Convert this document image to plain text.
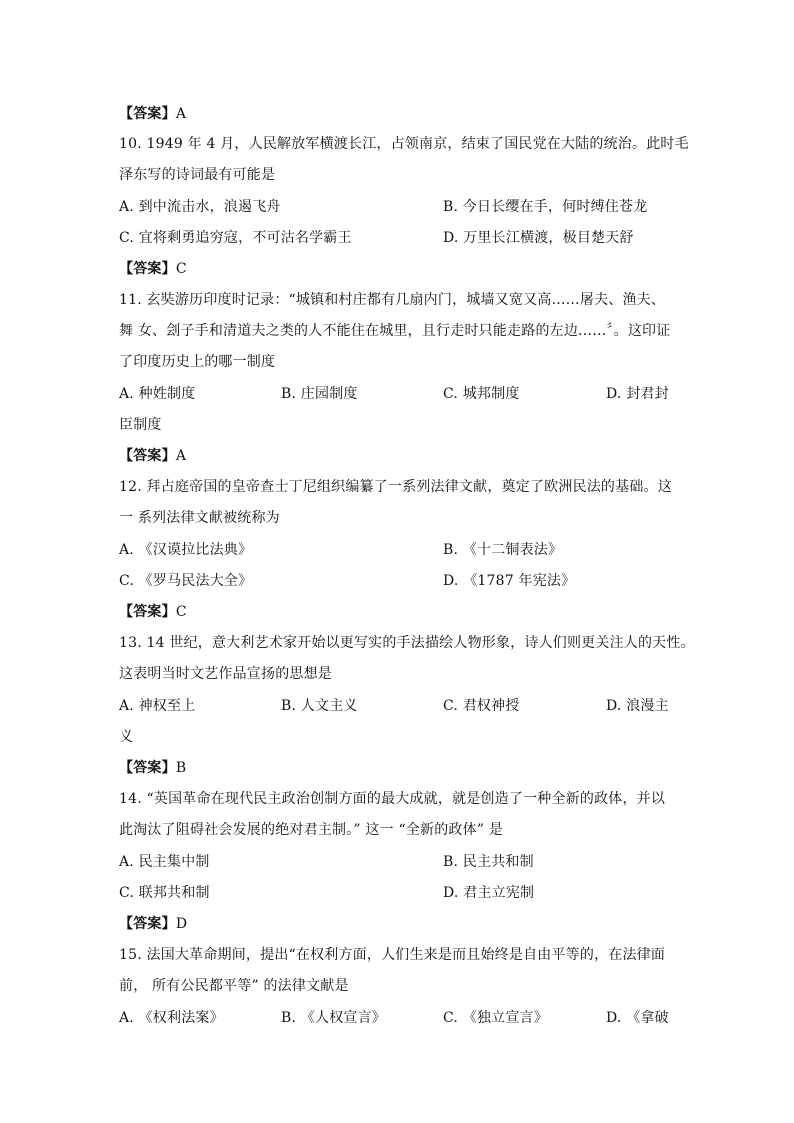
【答案】A
10. 1949 年 4 月，人民解放军横渡长江，占领南京，结束了国民党在大陆的统治。此时毛
泽东写的诗词最有可能是
A. 到中流击水，浪遏飞舟	B. 今日长缨在手，何时缚住苍龙
C. 宜将剩勇追穷寇，不可沽名学霸王	D. 万里长江横渡，极目楚天舒
【答案】C
11. 玄奘游历印度时记录：“城镇和村庄都有几扇内门，城墙又宽又高……屠夫、渔夫、
舞 女、刽子手和清道夫之类的人不能住在城里，且行走时只能走路的左边……〞。这印证
了印度历史上的哪一制度
A. 种姓制度	B. 庄园制度	C. 城邦制度	D. 封君封
臣制度
【答案】A
12. 拜占庭帝国的皇帝查士丁尼组织编纂了一系列法律文献，奠定了欧洲民法的基础。这
一 系列法律文献被统称为
A. 《汉谟拉比法典》	B. 《十二铜表法》
C. 《罗马民法大全》	D. 《1787 年宪法》
【答案】C
13. 14 世纪，意大利艺术家开始以更写实的手法描绘人物形象，诗人们则更关注人的天性。
这表明当时文艺作品宣扬的思想是
A. 神权至上	B. 人文主义	C. 君权神授	D. 浪漫主
义
【答案】B
14. “英国革命在现代民主政治创制方面的最大成就，就是创造了一种全新的政体，并以
此淘汰了阻碍社会发展的绝对君主制。” 这一 “全新的政体” 是
A. 民主集中制	B. 民主共和制
C. 联邦共和制	D. 君主立宪制
【答案】D
15. 法国大革命期间，提出“在权利方面，人们生来是而且始终是自由平等的，在法律面
前， 所有公民都平等” 的法律文献是
A. 《权利法案》	B. 《人权宣言》	C. 《独立宣言》	D. 《拿破
